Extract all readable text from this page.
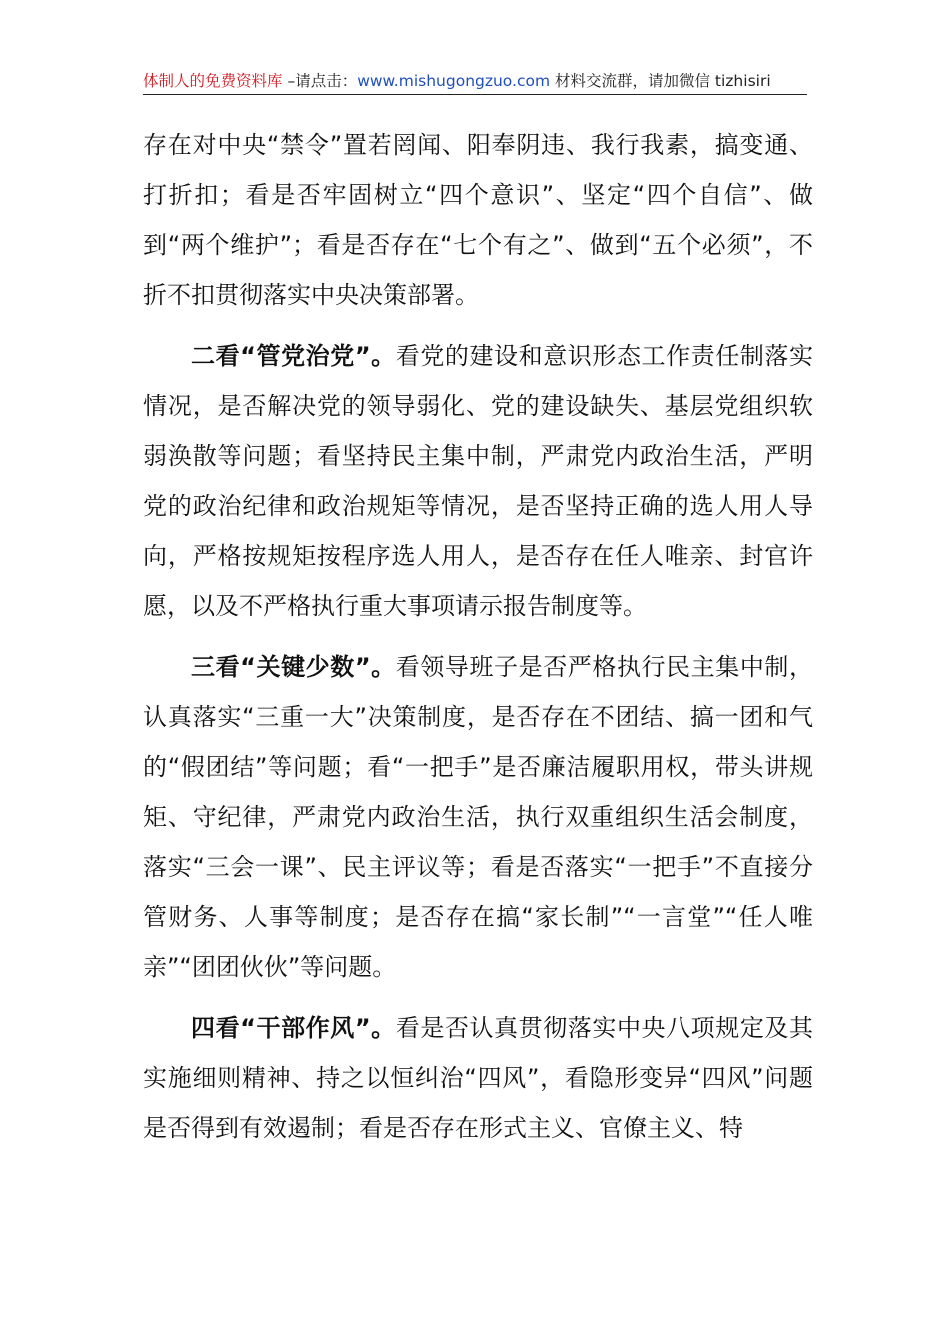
体制人的免费资料库 –请点击：www.mishugongzuo.com 材料交流群，请加微信 tizhisiri

存在对中央“禁令”置若罔闻、阳奉阴违、我行我素，搞变通、打折扣；看是否牢固树立“四个意识”、坚定“四个自信”、做到“两个维护”；看是否存在“七个有之”、做到“五个必须”，不折不扣贯彻落实中央决策部署。

二看“管党治党”。看党的建设和意识形态工作责任制落实情况，是否解决党的领导弱化、党的建设缺失、基层党组织软弱涣散等问题；看坚持民主集中制，严肃党内政治生活，严明党的政治纪律和政治规矩等情况，是否坚持正确的选人用人导向，严格按规矩按程序选人用人，是否存在任人唯亲、封官许愿，以及不严格执行重大事项请示报告制度等。

三看“关键少数”。看领导班子是否严格执行民主集中制，认真落实“三重一大”决策制度，是否存在不团结、搞一团和气的“假团结”等问题；看“一把手”是否廉洁履职用权，带头讲规矩、守纪律，严肃党内政治生活，执行双重组织生活会制度，落实“三会一课”、民主评议等；看是否落实“一把手”不直接分管财务、人事等制度；是否存在搞“家长制”“一言堂”“任人唯亲”“团团伙伙”等问题。

四看“干部作风”。看是否认真贯彻落实中央八项规定及其实施细则精神、持之以恒纠治“四风”，看隐形变异“四风”问题是否得到有效遏制；看是否存在形式主义、官僚主义、特
